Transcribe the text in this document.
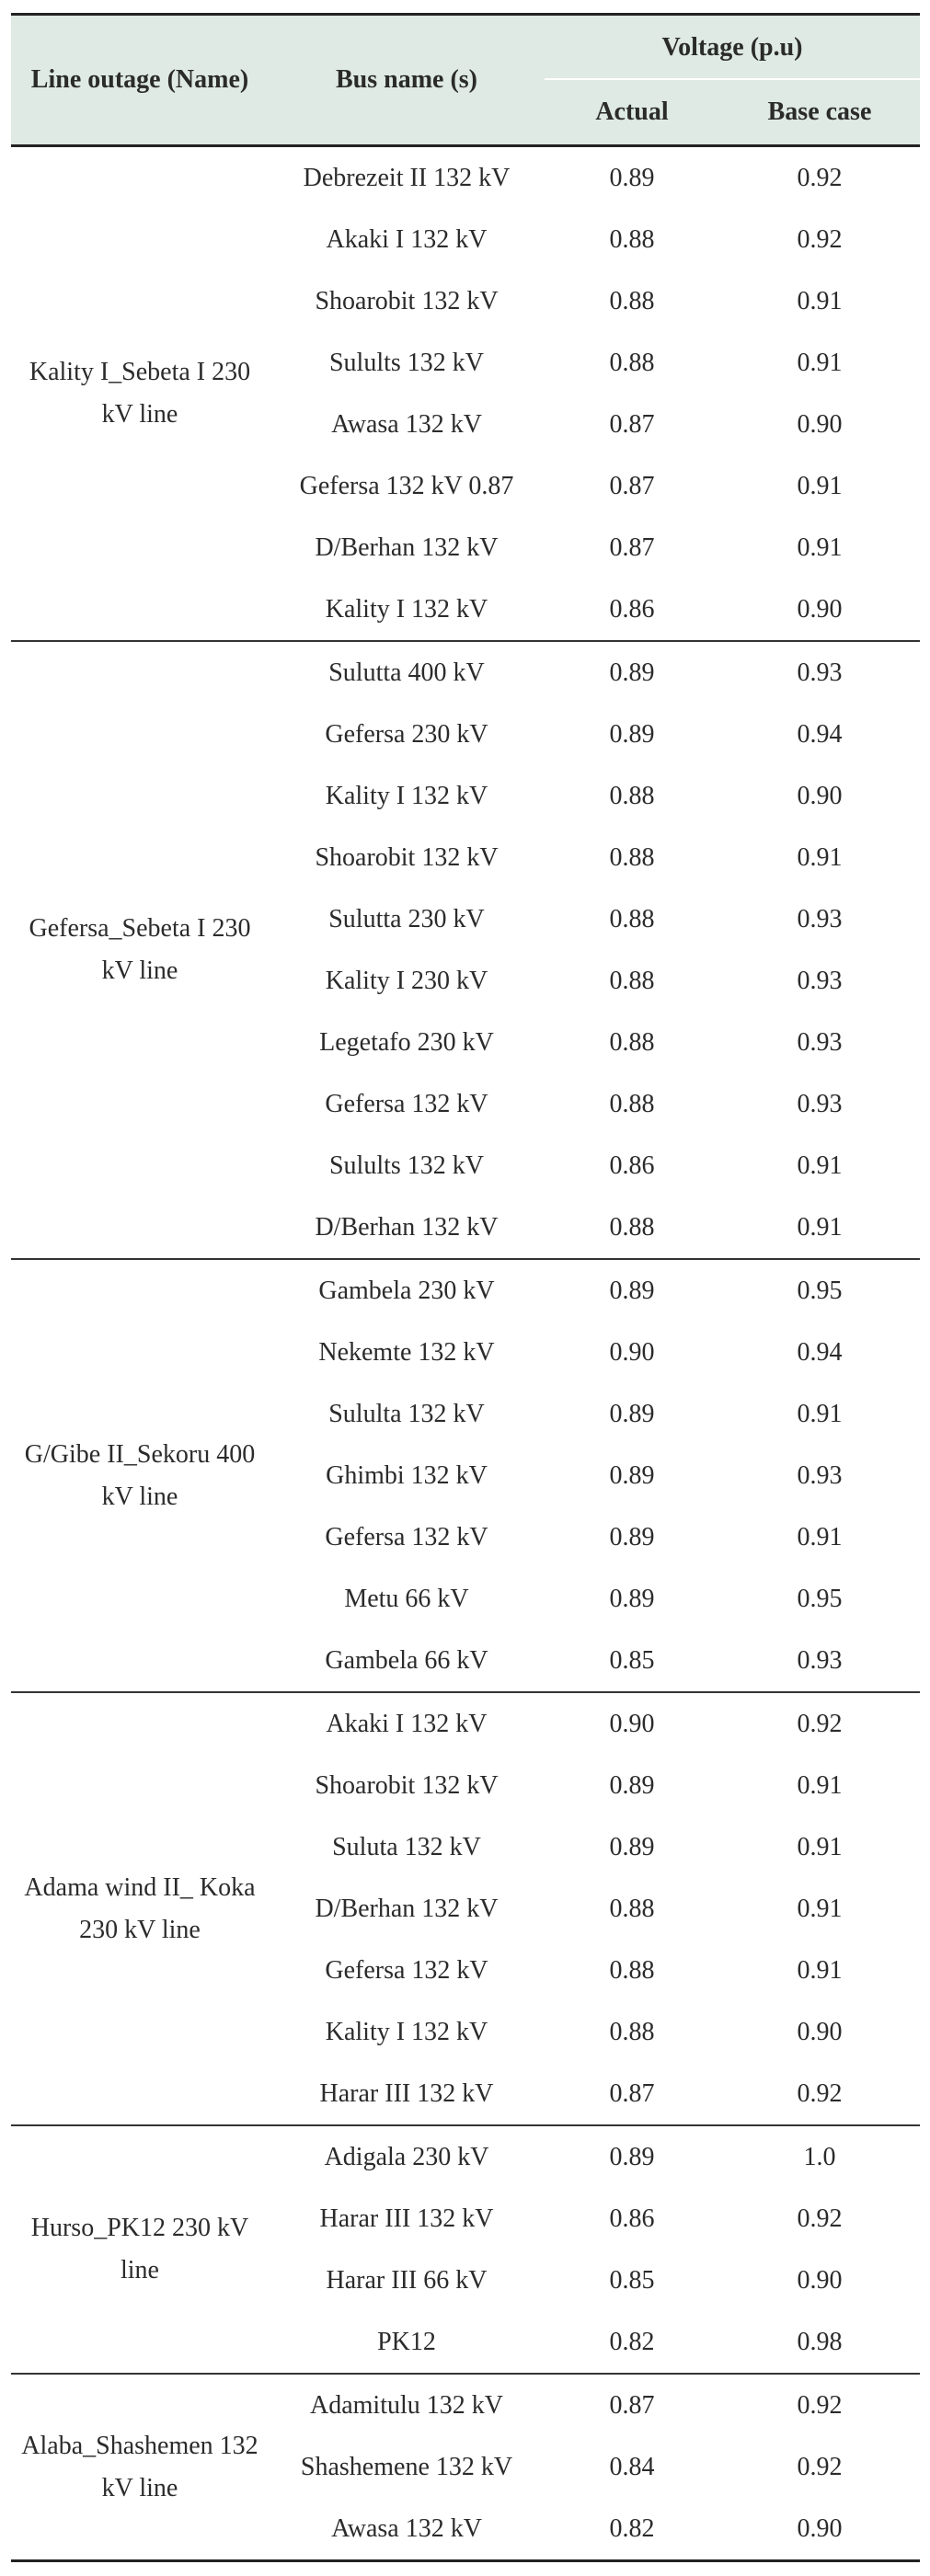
Line outage (Name)	Bus name (s)	Voltage (p.u)	
		Actual	Base case
Kality I_Sebeta I 230 kV line	Debrezeit II 132 kV	0.89	0.92
	Akaki I 132 kV	0.88	0.92
	Shoarobit 132 kV	0.88	0.91
	Sulults 132 kV	0.88	0.91
	Awasa 132 kV	0.87	0.90
	Gefersa 132 kV 0.87	0.87	0.91
	D/Berhan 132 kV	0.87	0.91
	Kality I 132 kV	0.86	0.90
Gefersa_Sebeta I 230 kV line	Sulutta 400 kV	0.89	0.93
	Gefersa 230 kV	0.89	0.94
	Kality I 132 kV	0.88	0.90
	Shoarobit 132 kV	0.88	0.91
	Sulutta 230 kV	0.88	0.93
	Kality I 230 kV	0.88	0.93
	Legetafo 230 kV	0.88	0.93
	Gefersa 132 kV	0.88	0.93
	Sulults 132 kV	0.86	0.91
	D/Berhan 132 kV	0.88	0.91
G/Gibe II_Sekoru 400 kV line	Gambela 230 kV	0.89	0.95
	Nekemte 132 kV	0.90	0.94
	Sululta 132 kV	0.89	0.91
	Ghimbi 132 kV	0.89	0.93
	Gefersa 132 kV	0.89	0.91
	Metu 66 kV	0.89	0.95
	Gambela 66 kV	0.85	0.93
Adama wind II_ Koka 230 kV line	Akaki I 132 kV	0.90	0.92
	Shoarobit 132 kV	0.89	0.91
	Suluta 132 kV	0.89	0.91
	D/Berhan 132 kV	0.88	0.91
	Gefersa 132 kV	0.88	0.91
	Kality I 132 kV	0.88	0.90
	Harar III 132 kV	0.87	0.92
Hurso_PK12 230 kV line	Adigala 230 kV	0.89	1.0
	Harar III 132 kV	0.86	0.92
	Harar III 66 kV	0.85	0.90
	PK12	0.82	0.98
Alaba_Shashemen 132 kV line	Adamitulu 132 kV	0.87	0.92
	Shashemene 132 kV	0.84	0.92
	Awasa 132 kV	0.82	0.90
